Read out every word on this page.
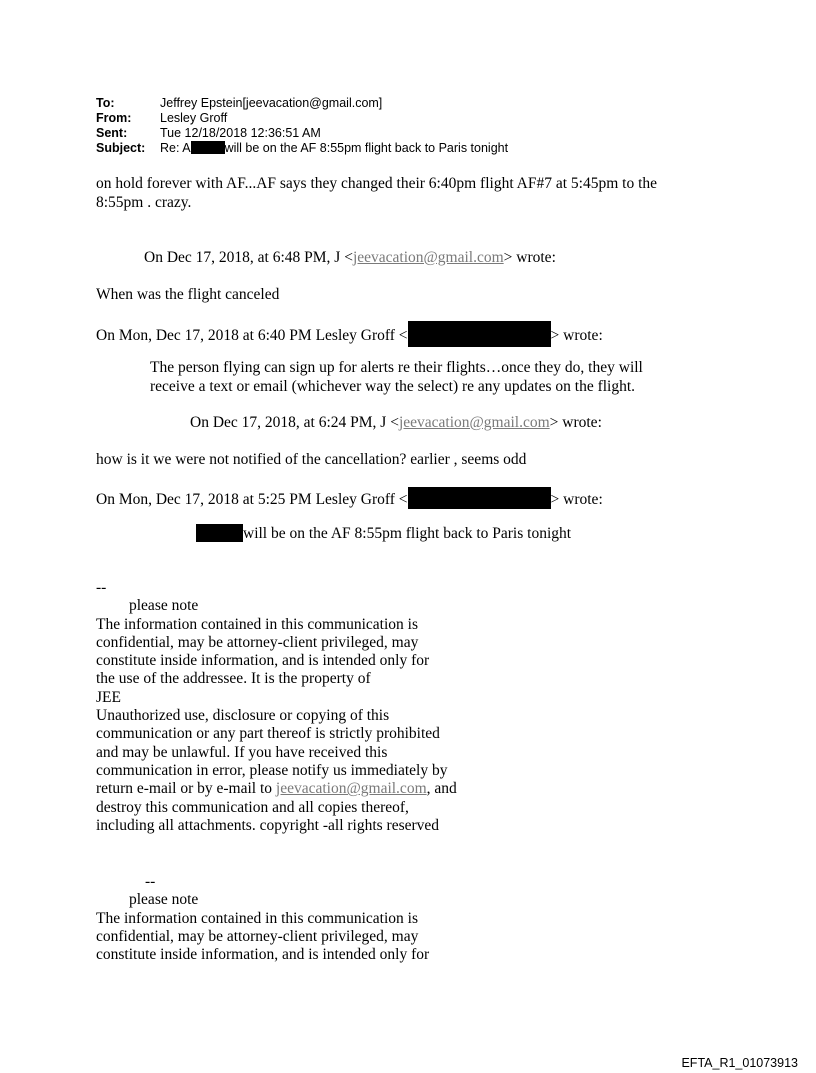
To:	Jeffrey Epstein[jeevacation@gmail.com]
From:	Lesley Groff
Sent:	Tue 12/18/2018 12:36:51 AM
Subject:	Re: A	will be on the AF 8:55pm flight back to Paris tonight
on hold forever with AF...AF says they changed their 6:40pm flight AF#7 at 5:45pm to the
8:55pm . crazy.
On Dec 17, 2018, at 6:48 PM, J <jeevacation@gmail.com> wrote:
When was the flight canceled
On Mon, Dec 17, 2018 at 6:40 PM Lesley Groff <	> wrote:
The person flying can sign up for alerts re their flights…once they do, they will
receive a text or email (whichever way the select) re any updates on the flight.
On Dec 17, 2018, at 6:24 PM, J <jeevacation@gmail.com> wrote:
how is it we were not notified of the cancellation? earlier , seems odd
On Mon, Dec 17, 2018 at 5:25 PM Lesley Groff <	> wrote:
will be on the AF 8:55pm flight back to Paris tonight
--
please note
The information contained in this communication is
confidential, may be attorney-client privileged, may
constitute inside information, and is intended only for
the use of the addressee. It is the property of
JEE
Unauthorized use, disclosure or copying of this
communication or any part thereof is strictly prohibited
and may be unlawful. If you have received this
communication in error, please notify us immediately by
return e-mail or by e-mail to jeevacation@gmail.com, and
destroy this communication and all copies thereof,
including all attachments. copyright -all rights reserved
--
please note
The information contained in this communication is
confidential, may be attorney-client privileged, may
constitute inside information, and is intended only for
EFTA_R1_01073913
